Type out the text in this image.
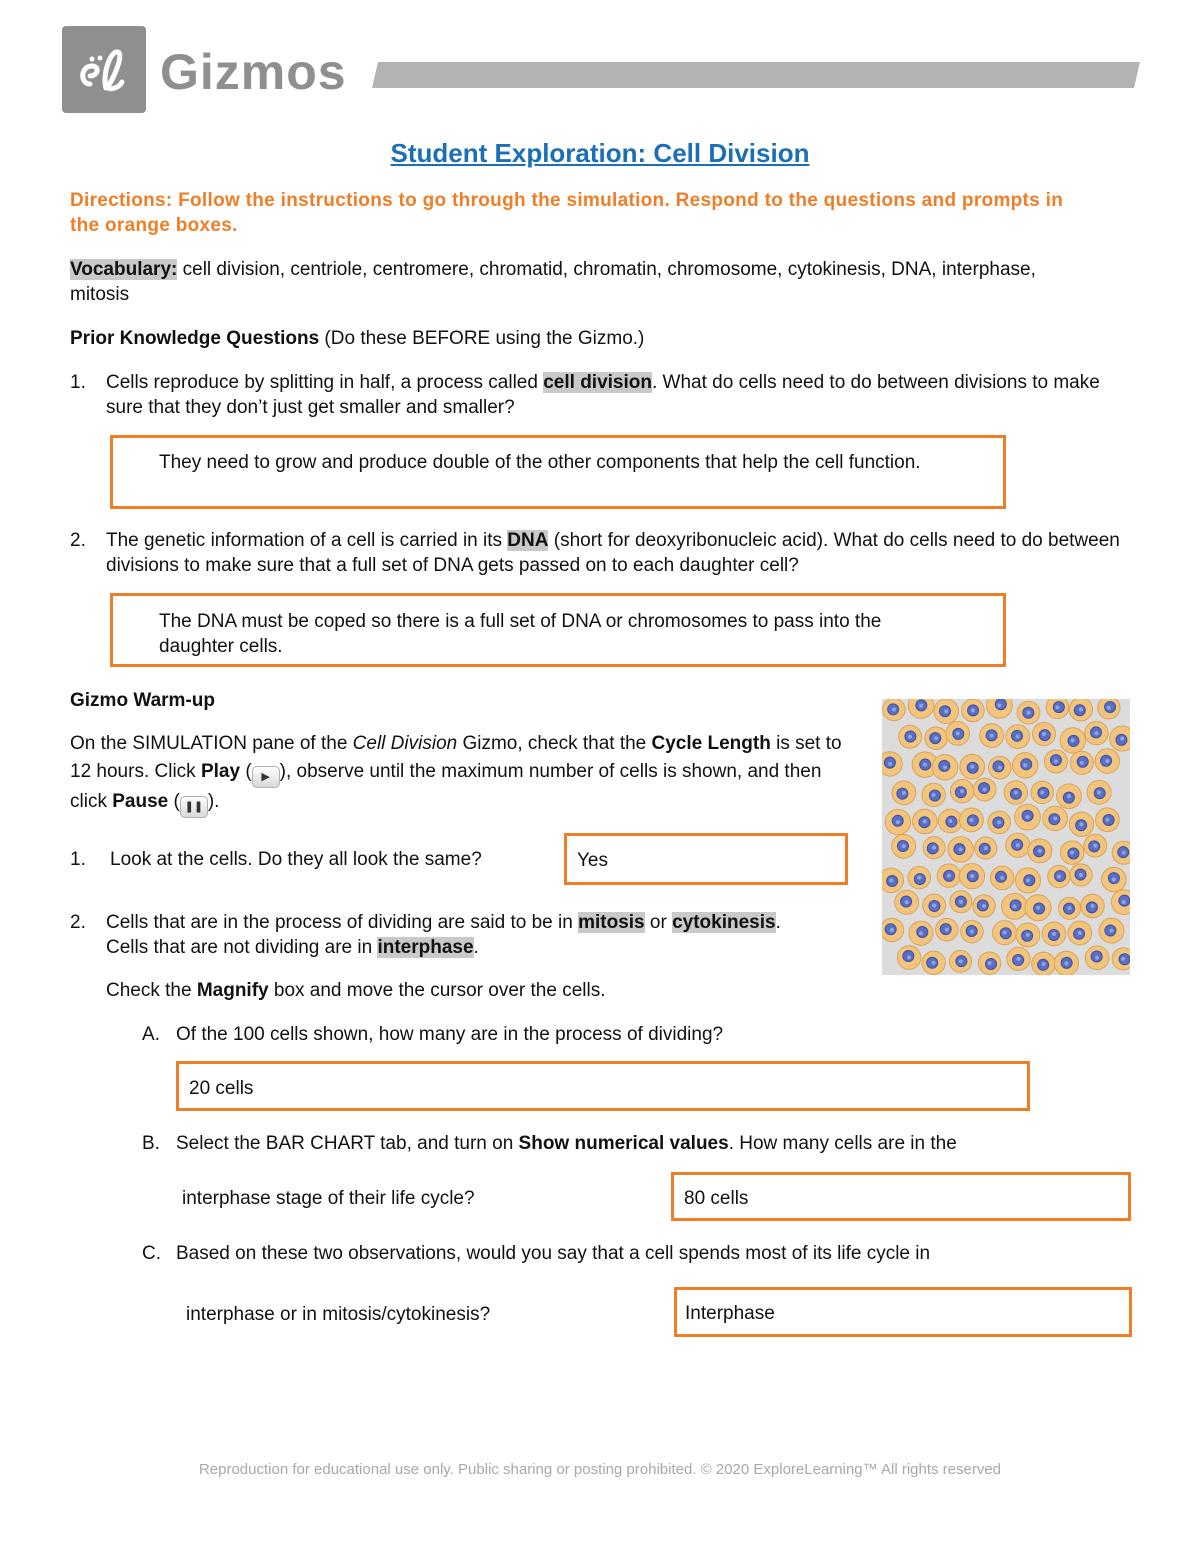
Gizmos
Student Exploration: Cell Division
Directions: Follow the instructions to go through the simulation. Respond to the questions and prompts in the orange boxes.
Vocabulary: cell division, centriole, centromere, chromatid, chromatin, chromosome, cytokinesis, DNA, interphase, mitosis
Prior Knowledge Questions (Do these BEFORE using the Gizmo.)
1. Cells reproduce by splitting in half, a process called cell division. What do cells need to do between divisions to make sure that they don’t just get smaller and smaller?
They need to grow and produce double of the other components that help the cell function.
2. The genetic information of a cell is carried in its DNA (short for deoxyribonucleic acid). What do cells need to do between divisions to make sure that a full set of DNA gets passed on to each daughter cell?
The DNA must be coped so there is a full set of DNA or chromosomes to pass into the daughter cells.
Gizmo Warm-up
On the SIMULATION pane of the Cell Division Gizmo, check that the Cycle Length is set to 12 hours. Click Play ( ▶ ), observe until the maximum number of cells is shown, and then click Pause ( ❚❚ ).
1. Look at the cells. Do they all look the same?	Yes
2. Cells that are in the process of dividing are said to be in mitosis or cytokinesis. Cells that are not dividing are in interphase.
Check the Magnify box and move the cursor over the cells.
A. Of the 100 cells shown, how many are in the process of dividing?
20 cells
B. Select the BAR CHART tab, and turn on Show numerical values. How many cells are in the
interphase stage of their life cycle?	80 cells
C. Based on these two observations, would you say that a cell spends most of its life cycle in
interphase or in mitosis/cytokinesis?	Interphase
Reproduction for educational use only. Public sharing or posting prohibited. © 2020 ExploreLearning™ All rights reserved
